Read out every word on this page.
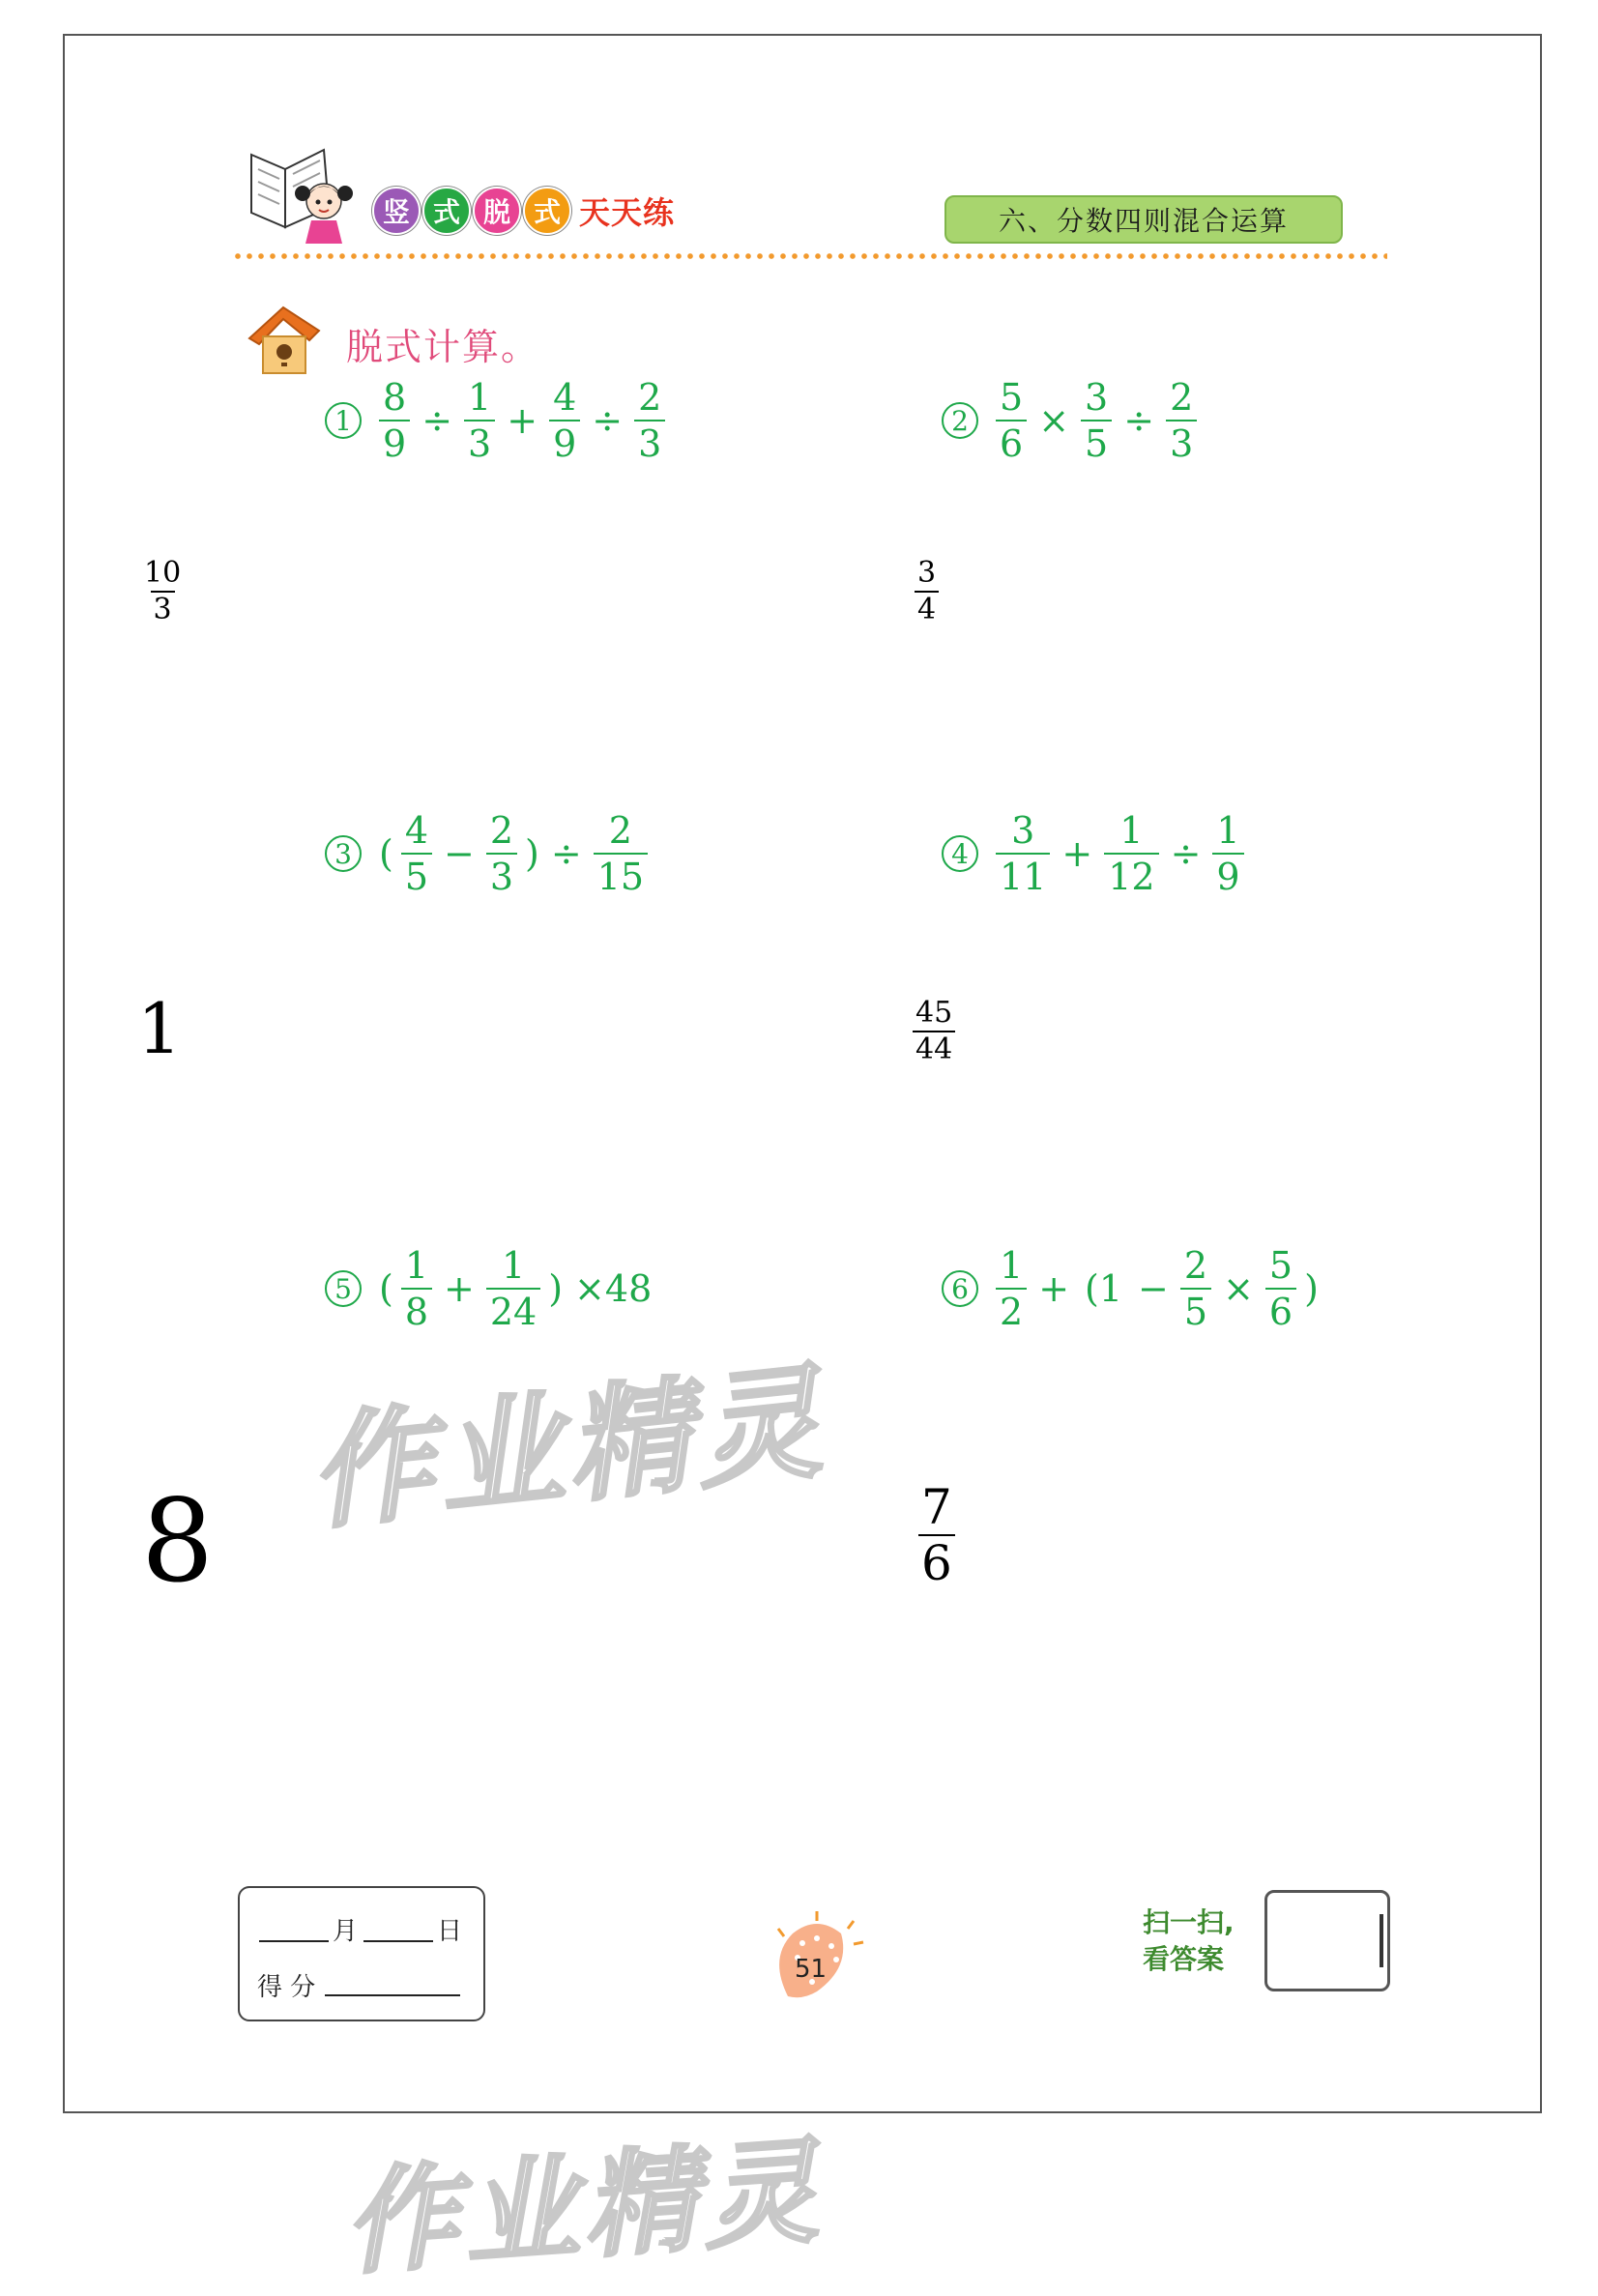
竖 式 脱 式 天天练	六、分数四则混合运算
脱式计算。
$1 \frac{8}{9} \div \frac{1}{3} + \frac{4}{9} \div \frac{2}{3}$	$2 \frac{5}{6} \times \frac{3}{5} \div \frac{2}{3}$
3 ( $\frac{4}{5} - \frac{2}{3}$ ) ÷ $\frac{2}{15}$	$4 \frac{3}{11} + \frac{1}{12} \div \frac{1}{9}$
5 ( $\frac{1}{8} + \frac{1}{24}$ ) ×48	$6 \frac{1}{2} + (1 - \frac{2}{5} \times \frac{5}{6}$ )
$\frac{10}{3}$	$\frac{3}{4}$
1	$\frac{45}{44}$
8	$\frac{7}{6}$
作业精灵
作业精灵
月	日
得 分
51
扫一扫,
看答案
